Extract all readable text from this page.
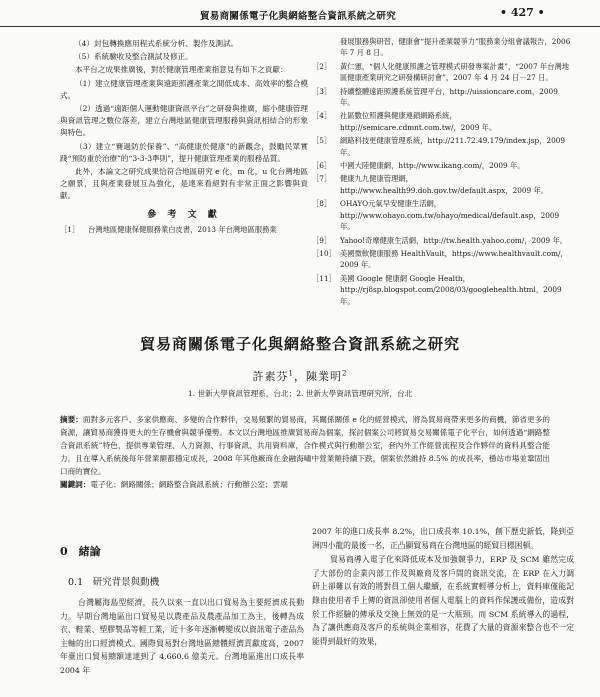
貿易商關係電子化與網絡整合資訊系統之研究	• 427 •
（4）封包轉換應用程式系統分析、製作及測試。
（5）系統驗收及整合測試及修正。
本平台之成果推廣後，對於健康管理產業指意見有如下之貢獻：
（1）建立健康管理產業與遠距照護產業之間低成本、高效率的整合模式。
（2）透過“遠距個人運動健康資訊平台”之研發與推廣，縮小健康管理與資訊管理之數位落差，建立台灣地區健康管理服務與資訊相結合的形象與特色。
（3）建立“賽過防於保養”、“高健康於健康”的新觀念，鼓勵民眾實踐“預防重於治療”的“3-3-3準則”，提升健康管理產業的服務品質。
此外，本論文之研究成果恰符合地區研究 e 化，m 化，u 化台灣地區之願景，且與產業發展互為強化，是達來看絕對有非常正面之影響與貢獻。
參 考 文 獻
［1］ 台灣地區健康保健服務業白皮書，2013 年台灣地區服務業
發展服務與研習，健康會“提升產業競爭力”服務業分組會議報告，2006 年 7 月 8 日。
［2］ 黃仁憲，“個人化健康照護之管理模式研發專案計畫”，“2007 年台灣地區健康產業研究之研發構研討會”，2007 年 4 月 24 日－27 日。
［3］ 持續整體遠距照護系統管理平台，http://uissioncare.com，2009 年。
［4］ 社區數位照護與健康連鎖網路系統，http://semicare.cdmnt.com.tw/，2009 年。
［5］ 網路科技更健康管理系統，http://211.72.49.179/index.jsp，2009 年。
［6］ 中國大陸健康網，http://www.ikang.com/，2009 年。
［7］ 健康九九健康管理網，http://www.health99.doh.gov.tw/default.aspx，2009 年。
［8］ OHAYO元氣早安健康生活網，http://www.ohayo.com.tw/ohayo/medical/default.asp，2009 年。
［9］ Yahoo!奇摩健康生活網，http://tw.health.yahoo.com/，2009 年。
［10］ 美國微軟健康服務 HealthVault，https://www.healthvault.com/，2009 年。
［11］ 美國 Google 健康網 Google Health，http://rj8sp.blogspot.com/2008/03/googlehealth.html，2009 年。
貿易商關係電子化與網絡整合資訊系統之研究
許素芬$^1$，陳業明$^2$
1. 世新大學資訊管理系，台北；2. 世新大學資訊管理研究所，台北
摘要：面對多元客戶、多家供應商、多變的合作夥伴，交易頻繁的貿易商，其關係關係 e 化的經營模式，將為貿易商帶來更多的商機，節省更多的資源，讓貿易商獲得更大的生存機會與競爭優勢。本文以台灣地區推廣貿易商為個案，探討個案公司將貿易交易關係電子化平台，如何透過“網路整合資訊系統”特色，提供專業管理、人力資源、行事資訊、共用資料庫，合作模式與行動辦公室，套內外工作經營流程及合作夥伴的資料具整合能力，且在導入系統後每年營業額都穩定成長，2008 年其他廠商在金融海嘯中營業額持續下跌，個案依然維持 8.5% 的成長率，穩站市場並鞏固出口商的寶位。
關鍵詞：電子化；網路關係；網路整合資訊系統；行動辦公室；雲端
0　緒論
0.1　研究背景與動機
台灣屬海島型經濟，長久以來一直以出口貿易為主要經濟成長動力。早期台灣地區出口貿易是以農產品及農產品加工為主，後轉為成衣、鞋業、塑膠製品等輕工業，近十多年逐漸轉變成以資訊電子產品為主軸的出口經濟模式。國際貿易對台灣地區總體經濟貢獻度高，2007 年臺出口貿易總額達達到了 4,660.6 億美元。台灣地區進出口成長率 2004 年
2007 年的進口成長率 8.2%，出口成長率 10.1%，創下歷史新低，降到亞洲四小龍的最後一名，正凸顯貿易商在台灣地區的經貿目標困頓。
貿易商導入電子化來降低成本及加強競爭力，ERP 及 SCM 雖然完成了大部份的企業內部工作及與廠商及客戶間的資訊交流，在 ERP 在入力調研上卻難以有效的將對員工個人繼續，在系統實輕導分析上，資料庫僅能記錄由使用者手上傳的資訊卻使用者個人電腦上的資料作保護或備份，造成對於工作經驗的傳承及交換上無效的是一大瓶頸。而 SCM 系統導入的過程，為了讓供應商及客戶的系統與企業相容，花費了大量的資源來整合也不一定能得到最好的效果，
